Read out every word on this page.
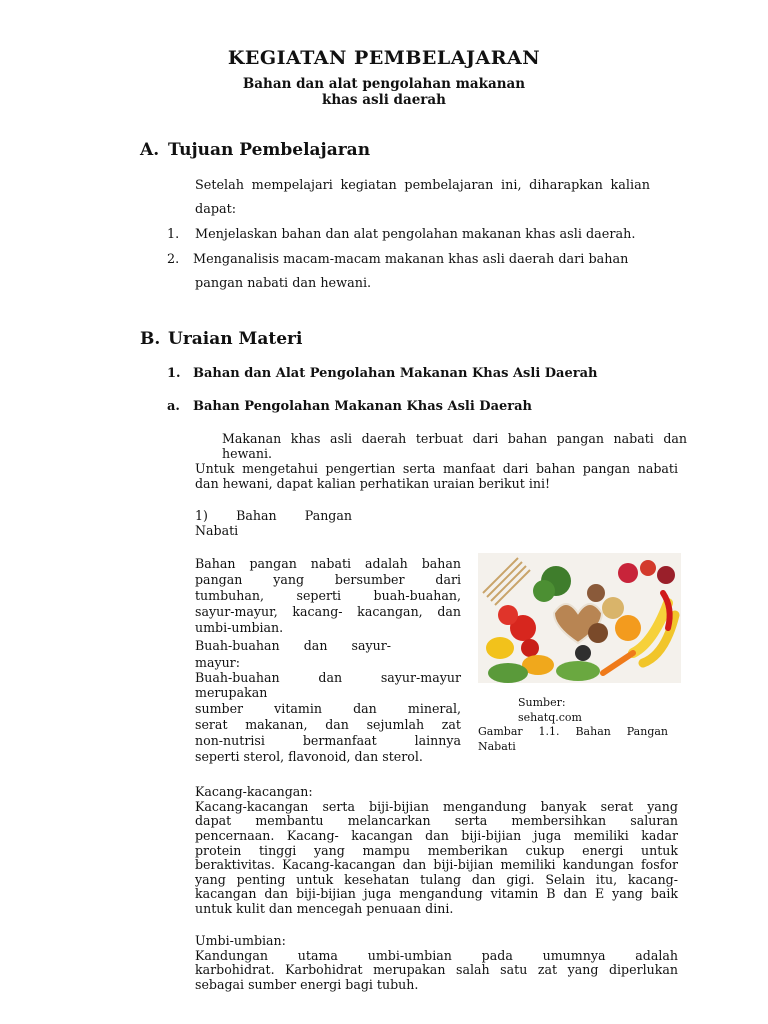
KEGIATAN PEMBELAJARAN
Bahan dan alat pengolahan makanan khas asli daerah
A. Tujuan Pembelajaran
Setelah mempelajari kegiatan pembelajaran ini, diharapkan kalian
dapat:
1. Menjelaskan bahan dan alat pengolahan makanan khas asli daerah.
2. Menganalisis macam-macam makanan khas asli daerah dari bahan
pangan nabati dan hewani.
B. Uraian Materi
1. Bahan dan Alat Pengolahan Makanan Khas Asli Daerah
a. Bahan Pengolahan Makanan Khas Asli Daerah
Makanan khas asli daerah terbuat dari bahan pangan nabati dan
hewani.
Untuk mengetahui pengertian serta manfaat dari bahan pangan nabati
dan hewani, dapat kalian perhatikan uraian berikut ini!
1) Bahan Pangan
Nabati
Bahan pangan nabati adalah bahan
pangan yang bersumber dari
tumbuhan, seperti buah-buahan,
sayur-mayur, kacang- kacangan, dan
umbi-umbian.
Buah-buahan dan sayur-
mayur:
Buah-buahan dan sayur-mayur
merupakan
sumber vitamin dan mineral,
serat makanan, dan sejumlah zat
non-nutrisi bermanfaat lainnya
seperti sterol, flavonoid, dan sterol.
Sumber:
sehatq.com
Gambar 1.1. Bahan Pangan
Nabati
Kacang-kacangan:
Kacang-kacangan serta biji-bijian mengandung banyak serat yang
dapat membantu melancarkan serta membersihkan saluran
pencernaan. Kacang- kacangan dan biji-bijian juga memiliki kadar
protein tinggi yang mampu memberikan cukup energi untuk
beraktivitas. Kacang-kacangan dan biji-bijian memiliki kandungan fosfor
yang penting untuk kesehatan tulang dan gigi. Selain itu, kacang-
kacangan dan biji-bijian juga mengandung vitamin B dan E yang baik
untuk kulit dan mencegah penuaan dini.
Umbi-umbian:
Kandungan utama umbi-umbian pada umumnya adalah
karbohidrat. Karbohidrat merupakan salah satu zat yang diperlukan
sebagai sumber energi bagi tubuh.
